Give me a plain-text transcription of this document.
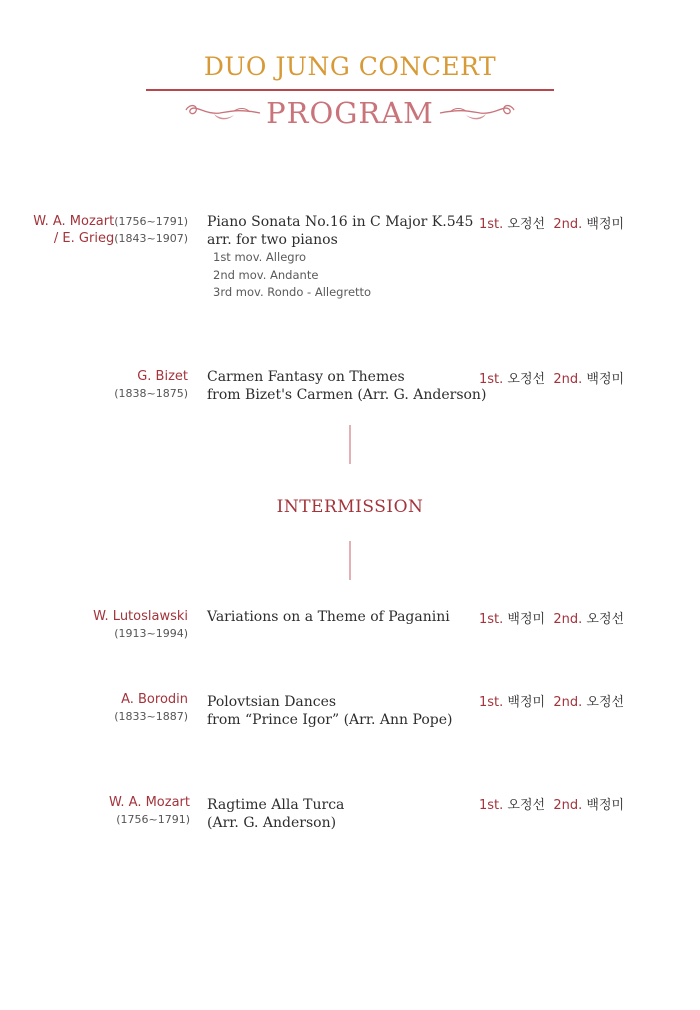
DUO JUNG CONCERT
PROGRAM
W. A. Mozart(1756~1791)
/ E. Grieg(1843~1907)
Piano Sonata No.16 in C Major K.545
arr. for two pianos
1st mov. Allegro
2nd mov. Andante
3rd mov. Rondo - Allegretto
1st. 오정선 2nd. 백정미
G. Bizet
(1838~1875)
Carmen Fantasy on Themes
from Bizet's Carmen (Arr. G. Anderson)
1st. 오정선 2nd. 백정미
INTERMISSION
W. Lutoslawski
(1913~1994)
Variations on a Theme of Paganini 1st. 백정미 2nd. 오정선
A. Borodin
(1833~1887)
Polovtsian Dances
from “Prince Igor” (Arr. Ann Pope)
1st. 백정미 2nd. 오정선
W. A. Mozart
(1756~1791)
Ragtime Alla Turca
(Arr. G. Anderson)
1st. 오정선 2nd. 백정미
